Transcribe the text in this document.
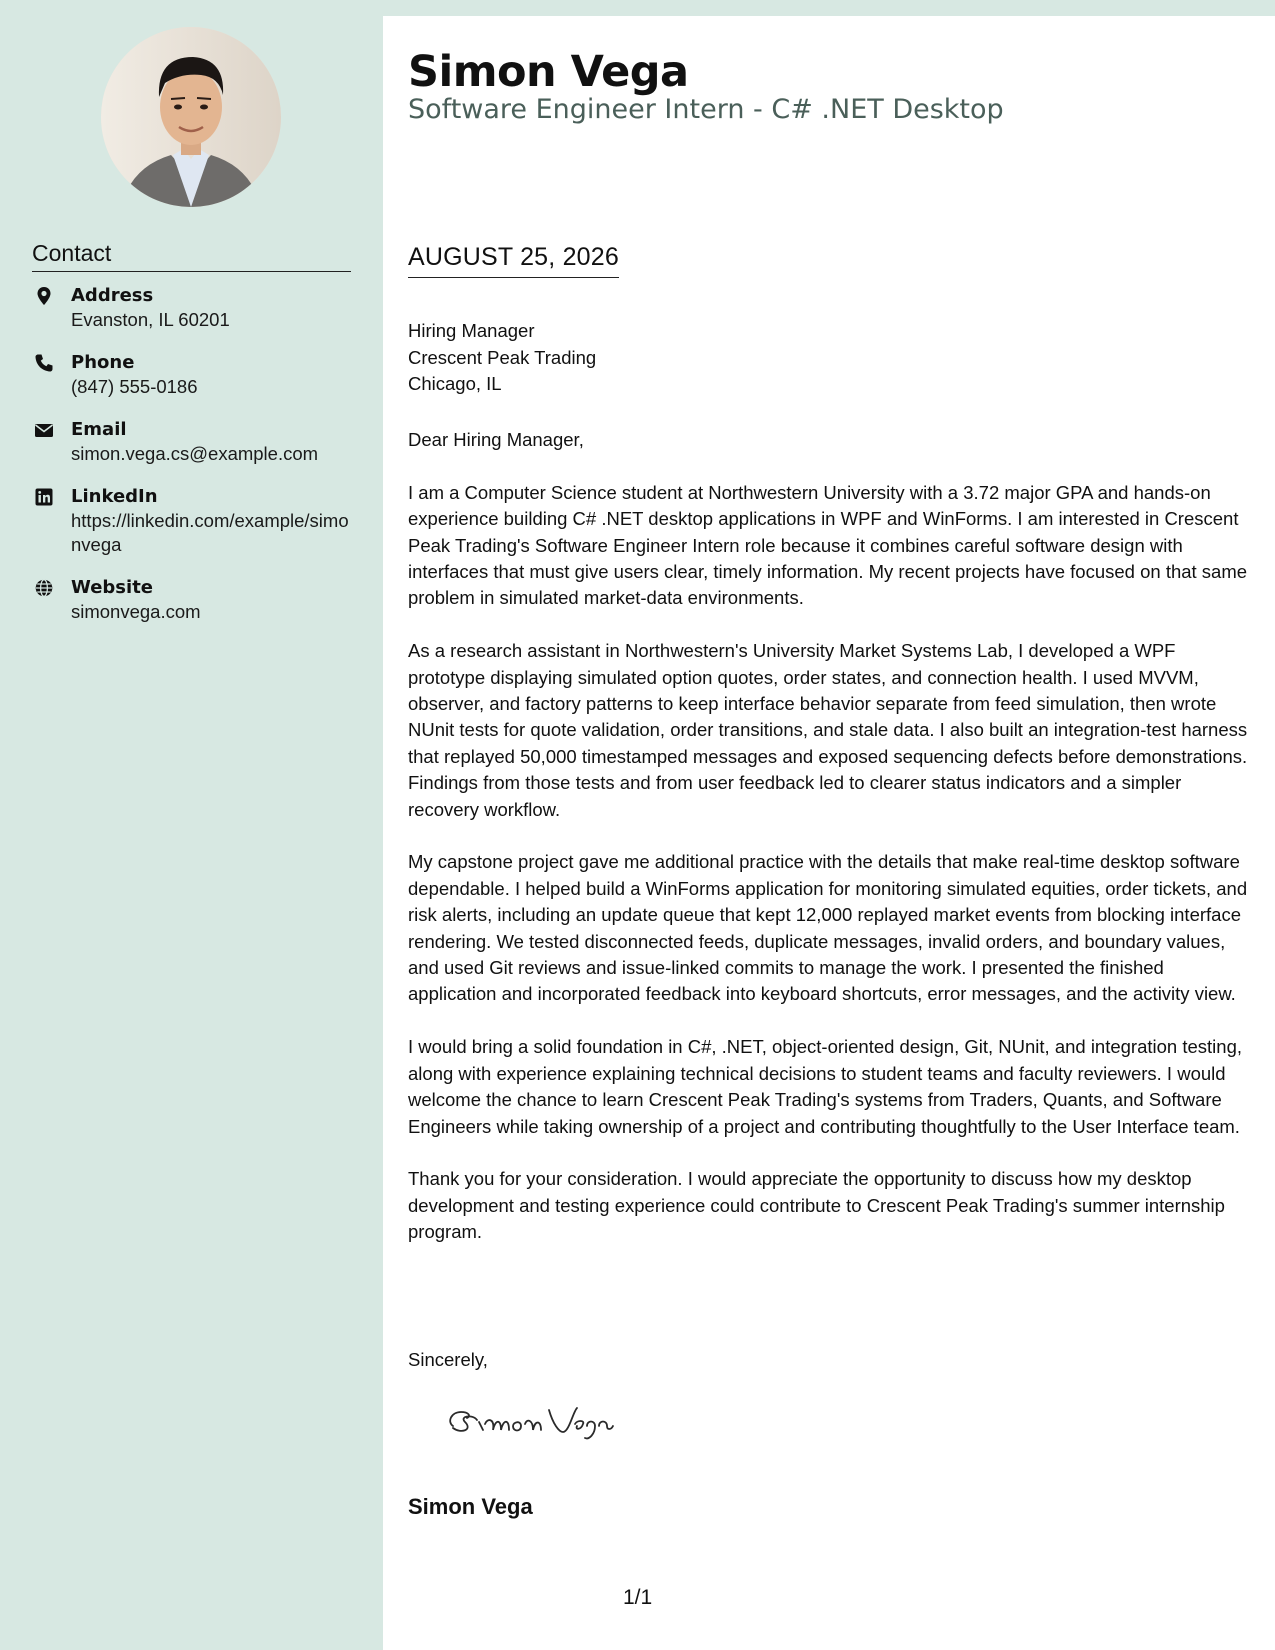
Contact
Address
Evanston, IL 60201
Phone
(847) 555-0186
Email
simon.vega.cs@example.com
LinkedIn
https://linkedin.com/example/simonvega
Website
simonvega.com
Simon Vega
Software Engineer Intern - C# .NET Desktop
AUGUST 25, 2026
Hiring Manager
Crescent Peak Trading
Chicago, IL

Dear Hiring Manager,

I am a Computer Science student at Northwestern University with a 3.72 major GPA and hands-on experience building C# .NET desktop applications in WPF and WinForms. I am interested in Crescent Peak Trading's Software Engineer Intern role because it combines careful software design with interfaces that must give users clear, timely information. My recent projects have focused on that same problem in simulated market-data environments.

As a research assistant in Northwestern's University Market Systems Lab, I developed a WPF prototype displaying simulated option quotes, order states, and connection health. I used MVVM, observer, and factory patterns to keep interface behavior separate from feed simulation, then wrote NUnit tests for quote validation, order transitions, and stale data. I also built an integration-test harness that replayed 50,000 timestamped messages and exposed sequencing defects before demonstrations. Findings from those tests and from user feedback led to clearer status indicators and a simpler recovery workflow.

My capstone project gave me additional practice with the details that make real-time desktop software dependable. I helped build a WinForms application for monitoring simulated equities, order tickets, and risk alerts, including an update queue that kept 12,000 replayed market events from blocking interface rendering. We tested disconnected feeds, duplicate messages, invalid orders, and boundary values, and used Git reviews and issue-linked commits to manage the work. I presented the finished application and incorporated feedback into keyboard shortcuts, error messages, and the activity view.

I would bring a solid foundation in C#, .NET, object-oriented design, Git, NUnit, and integration testing, along with experience explaining technical decisions to student teams and faculty reviewers. I would welcome the chance to learn Crescent Peak Trading's systems from Traders, Quants, and Software Engineers while taking ownership of a project and contributing thoughtfully to the User Interface team.

Thank you for your consideration. I would appreciate the opportunity to discuss how my desktop development and testing experience could contribute to Crescent Peak Trading's summer internship program.

Sincerely,
Simon Vega
1/1
